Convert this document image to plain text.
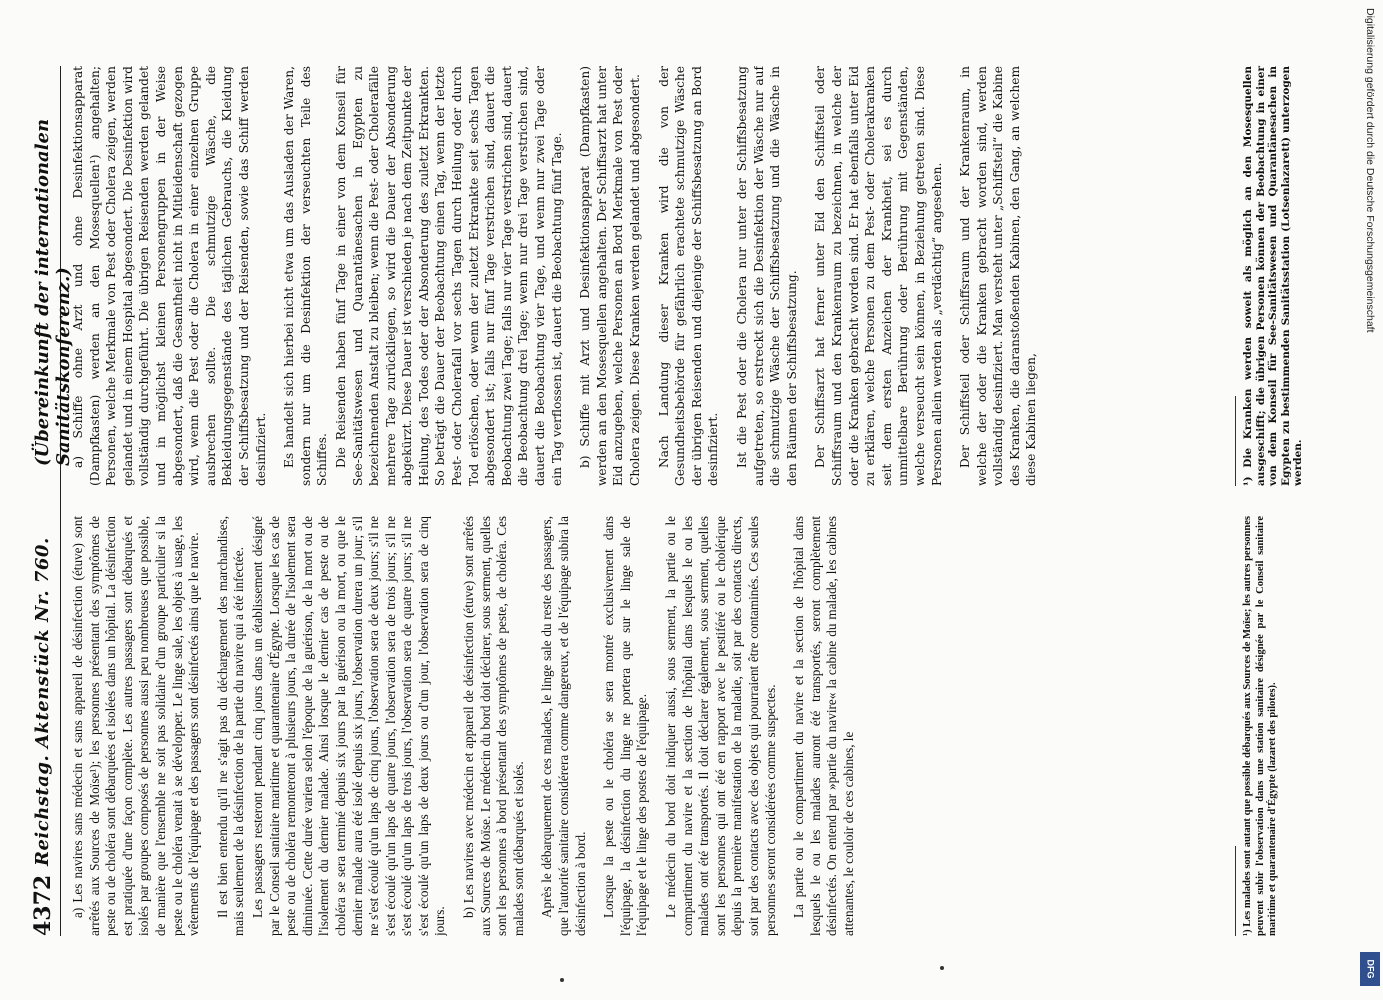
4372
Reichstag. Aktenstück Nr. 760.
(Übereinkunft der internationalen Sanitätskonferenz.)

a) Les navires sans médecin et sans appareil de désinfection (étuve) sont arrêtés aux Sources de Moïse¹); les personnes présentant des symptômes de peste ou de choléra sont débarquées et isolées dans un hôpital. La désinfection est pratiquée d'une façon complète. Les autres passagers sont débarqués et isolés par groupes composés de personnes aussi peu nombreuses que possible, de manière que l'ensemble ne soit pas solidaire d'un groupe particulier si la peste ou le choléra venait à se développer. Le linge sale, les objets à usage, les vêtements de l'équipage et des passagers sont désinfectés ainsi que le navire. Il est bien entendu qu'il ne s'agit pas du déchargement des marchandises, mais seulement de la désinfection de la partie du navire qui a été infectée. Les passagers resteront pendant cinq jours dans un établissement désigné par le Conseil sanitaire maritime et quarantenaire d'Égypte. Lorsque les cas de peste ou de choléra remonteront à plusieurs jours, la durée de l'isolement sera diminuée. Cette durée variera selon l'époque de la guérison, de la mort ou de l'isolement du dernier malade. Ainsi lorsque le dernier cas de peste ou de choléra se sera terminé depuis six jours par la guérison ou la mort, ou que le dernier malade aura été isolé depuis six jours, l'observation durera un jour; s'il ne s'est écoulé qu'un laps de cinq jours, l'observation sera de deux jours; s'il ne s'est écoulé qu'un laps de quatre jours, l'observation sera de trois jours; s'il ne s'est écoulé qu'un laps de trois jours, l'observation sera de quatre jours; s'il ne s'est écoulé qu'un laps de deux jours ou d'un jour, l'observation sera de cinq jours.

b) Les navires avec médecin et appareil de désinfection (étuve) sont arrêtés aux Sources de Moïse. Le médecin du bord doit déclarer, sous serment, quelles sont les personnes à bord présentant des symptômes de peste, de choléra. Ces malades sont débarqués et isolés. Après le débarquement de ces malades, le linge sale du reste des passagers, que l'autorité sanitaire considérera comme dangereux, et de l'équipage subira la désinfection à bord. Lorsque la peste ou le choléra se sera montré exclusivement dans l'équipage, la désinfection du linge ne portera que sur le linge sale de l'équipage et le linge des postes de l'équipage. Le médecin du bord doit indiquer aussi, sous serment, la partie ou le compartiment du navire et la section de l'hôpital dans lesquels le ou les malades ont été transportés. Il doit déclarer également, sous serment, quelles sont les personnes qui ont été en rapport avec le pestiféré ou le cholérique depuis la première manifestation de la maladie, soit par des contacts directs, soit par des contacts avec des objets qui pourraient être contaminés. Ces seules personnes seront considérées comme suspectes. La partie ou le compartiment du navire et la section de l'hôpital dans lesquels le ou les malades auront été transportés, seront complètement désinfectés. On entend par »partie du navire« la cabine du malade, les cabines attenantes, le couloir de ces cabines, le

a) Schiffe ohne Arzt und ohne Desinfektionsapparat (Dampfkasten) werden an den Mosesquellen¹) angehalten; Personen, welche Merkmale von Pest oder Cholera zeigen, werden gelandet und in einem Hospital abgesondert. Die Desinfektion wird vollständig durchgeführt. Die übrigen Reisenden werden gelandet und in möglichst kleinen Personengruppen in der Weise abgesondert, daß die Gesamtheit nicht in Mitleidenschaft gezogen wird, wenn die Pest oder die Cholera in einer einzelnen Gruppe ausbrechen sollte. Die schmutzige Wäsche, die Bekleidungsgegenstände des täglichen Gebrauchs, die Kleidung der Schiffsbesatzung und der Reisenden, sowie das Schiff werden desinfiziert. Es handelt sich hierbei nicht etwa um das Ausladen der Waren, sondern nur um die Desinfektion der verseuchten Teile des Schiffes. Die Reisenden haben fünf Tage in einer von dem Konseil für See-Sanitätswesen und Quarantänesachen in Egypten zu bezeichnenden Anstalt zu bleiben; wenn die Pest- oder Cholerafälle mehrere Tage zurückliegen, so wird die Dauer der Absonderung abgekürzt. Diese Dauer ist verschieden je nach dem Zeitpunkte der Heilung, des Todes oder der Absonderung des zuletzt Erkrankten. So beträgt die Dauer der Beobachtung einen Tag, wenn der letzte Pest- oder Cholerafall vor sechs Tagen durch Heilung oder durch Tod erlöschen, oder wenn der zuletzt Erkrankte seit sechs Tagen abgesondert ist; falls nur fünf Tage verstrichen sind, dauert die Beobachtung zwei Tage; falls nur vier Tage verstrichen sind, dauert die Beobachtung drei Tage; wenn nur drei Tage verstrichen sind, dauert die Beobachtung vier Tage, und wenn nur zwei Tage oder ein Tag verflossen ist, dauert die Beobachtung fünf Tage. b) Schiffe mit Arzt und Desinfektionsapparat (Dampfkasten) werden an den Mosesquellen angehalten. Der Schiffsarzt hat unter Eid anzugeben, welche Personen an Bord Merkmale von Pest oder Cholera zeigen. Diese Kranken werden gelandet und abgesondert. Nach Landung dieser Kranken wird die von der Gesundheitsbehörde für gefährlich erachtete schmutzige Wäsche der übrigen Reisenden und diejenige der Schiffsbesatzung an Bord desinfiziert. Ist die Pest oder die Cholera nur unter der Schiffsbesatzung aufgetreten, so erstreckt sich die Desinfektion der Wäsche nur auf die schmutzige Wäsche der Schiffsbesatzung und die Wäsche in den Räumen der Schiffsbesatzung. Der Schiffsarzt hat ferner unter Eid den Schiffsteil oder Schiffsraum und den Krankenraum zu bezeichnen, in welche der oder die Kranken gebracht worden sind. Er hat ebenfalls unter Eid zu erklären, welche Personen zu dem Pest- oder Cholerakranken seit dem ersten Anzeichen der Krankheit, sei es durch unmittelbare Berührung oder Berührung mit Gegenständen, welche verseucht sein können, in Beziehung getreten sind. Diese Personen allein werden als „verdächtig“ angesehen. Der Schiffsteil oder Schiffsraum und der Krankenraum, in welche der oder die Kranken gebracht worden sind, werden vollständig desinfiziert. Man versteht unter „Schiffsteil“ die Kabine des Kranken, die daranstoßenden Kabinen, den Gang, an welchem diese Kabinen liegen,

¹) Les malades sont autant que possible débarqués aux Sources de Moïse; les autres personnes peuvent subir l'observation dans une station sanitaire désignée par le Conseil sanitaire maritime et quarantenaire d'Égypte (lazaret des pilotes).
¹) Die Kranken werden soweit als möglich an den Mosesquellen ausgeschifft; die übrigen Personen können der Beobachtung in einer von dem Konseil für See-Sanitätswesen und Quarantänesachen in Egypten zu bestimmenden Sanitätsstation (Lotsenlazarett) unterzogen werden.
Digitalisierung gefördert durch die Deutsche Forschungsgemeinschaft
DFG
